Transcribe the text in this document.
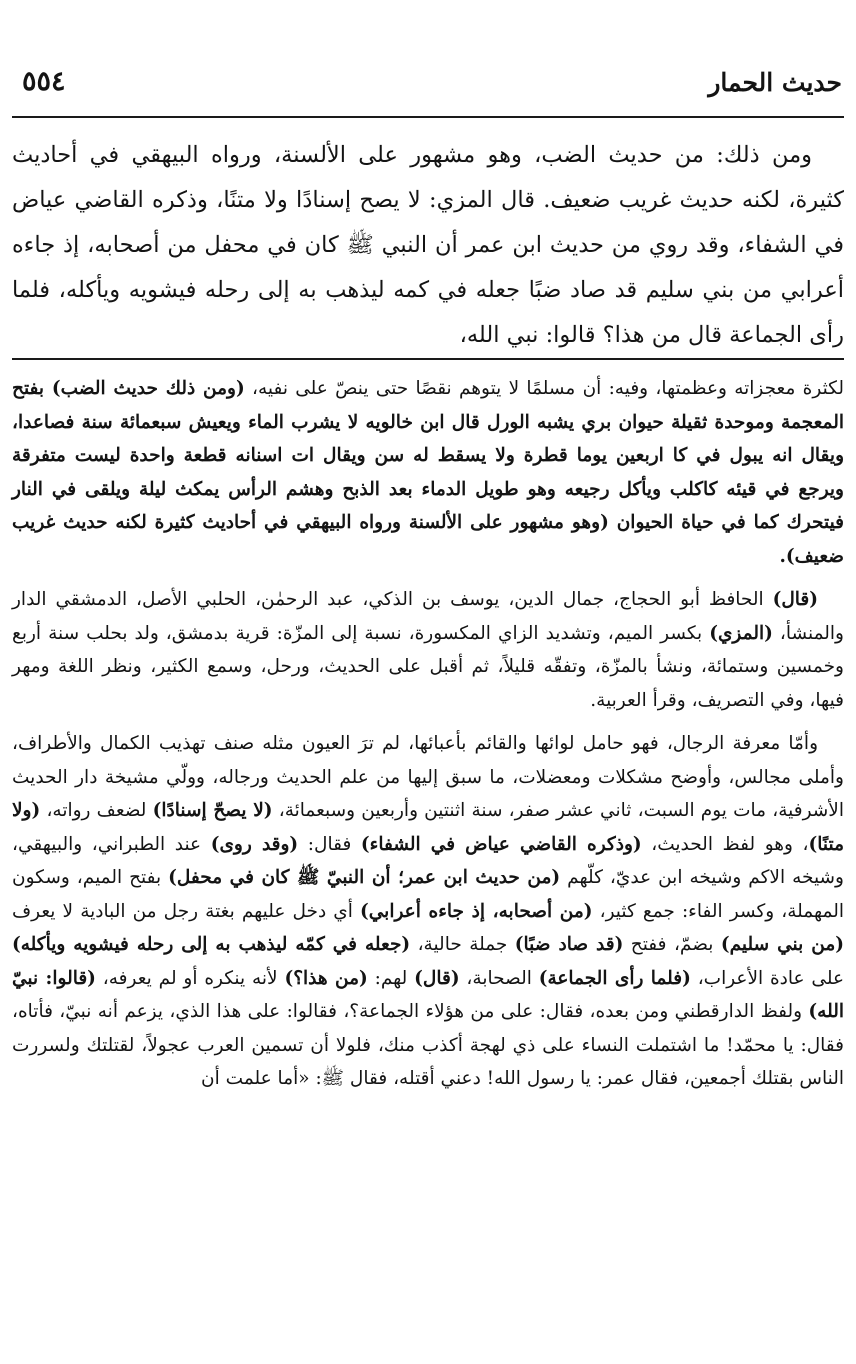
حديث الحمار
٥٥٤

ومن ذلك: من حديث الضب، وهو مشهور على الألسنة، ورواه البيهقي في أحاديث كثيرة، لكنه حديث غريب ضعيف. قال المزي: لا يصح إسنادًا ولا متنًا، وذكره القاضي عياض في الشفاء، وقد روي من حديث ابن عمر أن النبي ﷺ كان في محفل من أصحابه، إذ جاءه أعرابي من بني سليم قد صاد ضبًا جعله في كمه ليذهب به إلى رحله فيشويه ويأكله، فلما رأى الجماعة قال من هذا؟ قالوا: نبي الله،

لكثرة معجزاته وعظمتها، وفيه: أن مسلمًا لا يتوهم نقصًا حتى ينصّ على نفيه، (ومن ذلك حديث الضب) بفتح المعجمة وموحدة ثقيلة حيوان بري يشبه الورل قال ابن خالويه لا يشرب الماء ويعيش سبعمائة سنة فصاعدا، ويقال انه يبول في كا اربعين يوما قطرة ولا يسقط له سن ويقال ات اسنانه قطعة واحدة ليست متفرقة ويرجع في قيئه كاكلب ويأكل رجيعه وهو طويل الدماء بعد الذبح وهشم الرأس يمكث ليلة ويلقى في النار فيتحرك كما في حياة الحيوان (وهو مشهور على الألسنة ورواه البيهقي في أحاديث كثيرة لكنه حديث غريب ضعيف).

(قال) الحافظ أبو الحجاج، جمال الدين، يوسف بن الذكي، عبد الرحمٰن، الحلبي الأصل، الدمشقي الدار والمنشأ، (المزي) بكسر الميم، وتشديد الزاي المكسورة، نسبة إلى المزّة: قرية بدمشق، ولد بحلب سنة أربع وخمسين وستمائة، ونشأ بالمزّة، وتفقّه قليلاً، ثم أقبل على الحديث، ورحل، وسمع الكثير، ونظر اللغة ومهر فيها، وفي التصريف، وقرأ العربية.

وأمّا معرفة الرجال، فهو حامل لوائها والقائم بأعبائها، لم ترَ العيون مثله صنف تهذيب الكمال والأطراف، وأملى مجالس، وأوضح مشكلات ومعضلات، ما سبق إليها من علم الحديث ورجاله، وولّي مشيخة دار الحديث الأشرفية، مات يوم السبت، ثاني عشر صفر، سنة اثنتين وأربعين وسبعمائة، (لا يصحّ إسنادًا) لضعف رواته، (ولا متنًا)، وهو لفظ الحديث، (وذكره القاضي عياض في الشفاء) فقال: (وقد روى) عند الطبراني، والبيهقي، وشيخه الاكم وشيخه ابن عديّ، كلّهم (من حديث ابن عمر؛ أن النبيّ ﷺ كان في محفل) بفتح الميم، وسكون المهملة، وكسر الفاء: جمع كثير، (من أصحابه، إذ جاءه أعرابي) أي دخل عليهم بغتة رجل من البادية لا يعرف (من بني سليم) بضمّ، ففتح (قد صاد ضبًا) جملة حالية، (جعله في كمّه ليذهب به إلى رحله فيشويه ويأكله) على عادة الأعراب، (فلما رأى الجماعة) الصحابة، (قال) لهم: (من هذا؟) لأنه ينكره أو لم يعرفه، (قالوا: نبيّ الله) ولفظ الدارقطني ومن بعده، فقال: على من هؤلاء الجماعة؟، فقالوا: على هذا الذي، يزعم أنه نبيّ، فأتاه، فقال: يا محمّد! ما اشتملت النساء على ذي لهجة أكذب منك، فلولا أن تسمين العرب عجولاً، لقتلتك ولسررت الناس بقتلك أجمعين، فقال عمر: يا رسول الله! دعني أقتله، فقال ﷺ: «أما علمت أن
